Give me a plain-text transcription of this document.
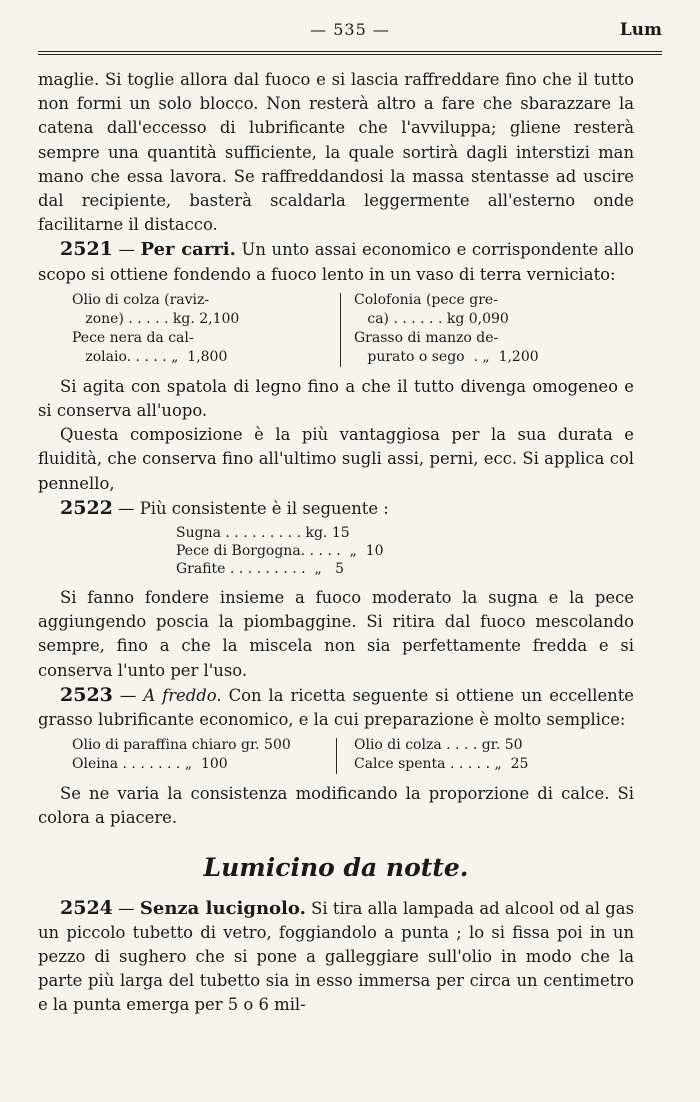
— 535 —	Lum

maglie. Si toglie allora dal fuoco e si lascia raffreddare fino che il tutto non formi un solo blocco. Non resterà altro a fare che sbarazzare la catena dall'eccesso di lubrificante che l'avviluppa; gliene resterà sempre una quantità sufficiente, la quale sortirà dagli interstizi man mano che essa lavora. Se raffreddandosi la massa stentasse ad uscire dal recipiente, basterà scaldarla leggermente all'esterno onde facilitarne il distacco.

2521 — Per carri. Un unto assai economico e corrispondente allo scopo si ottiene fondendo a fuoco lento in un vaso di terra verniciato:

Olio di colza (raviz-
zone) . . . . . kg. 2,100
Pece nera da cal-
zolaio. . . . . „  1,800
Colofonia (pece gre-
ca) . . . . . . kg 0,090
Grasso di manzo de-
purato o sego  . „  1,200

Si agita con spatola di legno fino a che il tutto divenga omogeneo e si conserva all'uopo.

Questa composizione è la più vantaggiosa per la sua durata e fluidità, che conserva fino all'ultimo sugli assi, perni, ecc. Si applica col pennello,

2522 — Più consistente è il seguente :

Sugna . . . . . . . . . kg. 15
Pece di Borgogna. . . . .  „  10
Grafite . . . . . . . . .  „   5

Si fanno fondere insieme a fuoco moderato la sugna e la pece aggiungendo poscia la piombaggine. Si ritira dal fuoco mescolando sempre, fino a che la miscela non sia perfettamente fredda e si conserva l'unto per l'uso.

2523 — A freddo. Con la ricetta seguente si ottiene un eccellente grasso lubrificante economico, e la cui preparazione è molto semplice:

Olio di paraffina chiaro gr. 500
Oleina . . . . . . . „  100
Olio di colza . . . . gr. 50
Calce spenta . . . . . „  25

Se ne varia la consistenza modificando la proporzione di calce. Si colora a piacere.

Lumicino da notte.

2524 — Senza lucignolo. Si tira alla lampada ad alcool od al gas un piccolo tubetto di vetro, foggiandolo a punta ; lo si fissa poi in un pezzo di sughero che si pone a galleggiare sull'olio in modo che la parte più larga del tubetto sia in esso immersa per circa un centimetro e la punta emerga per 5 o 6 mil-
